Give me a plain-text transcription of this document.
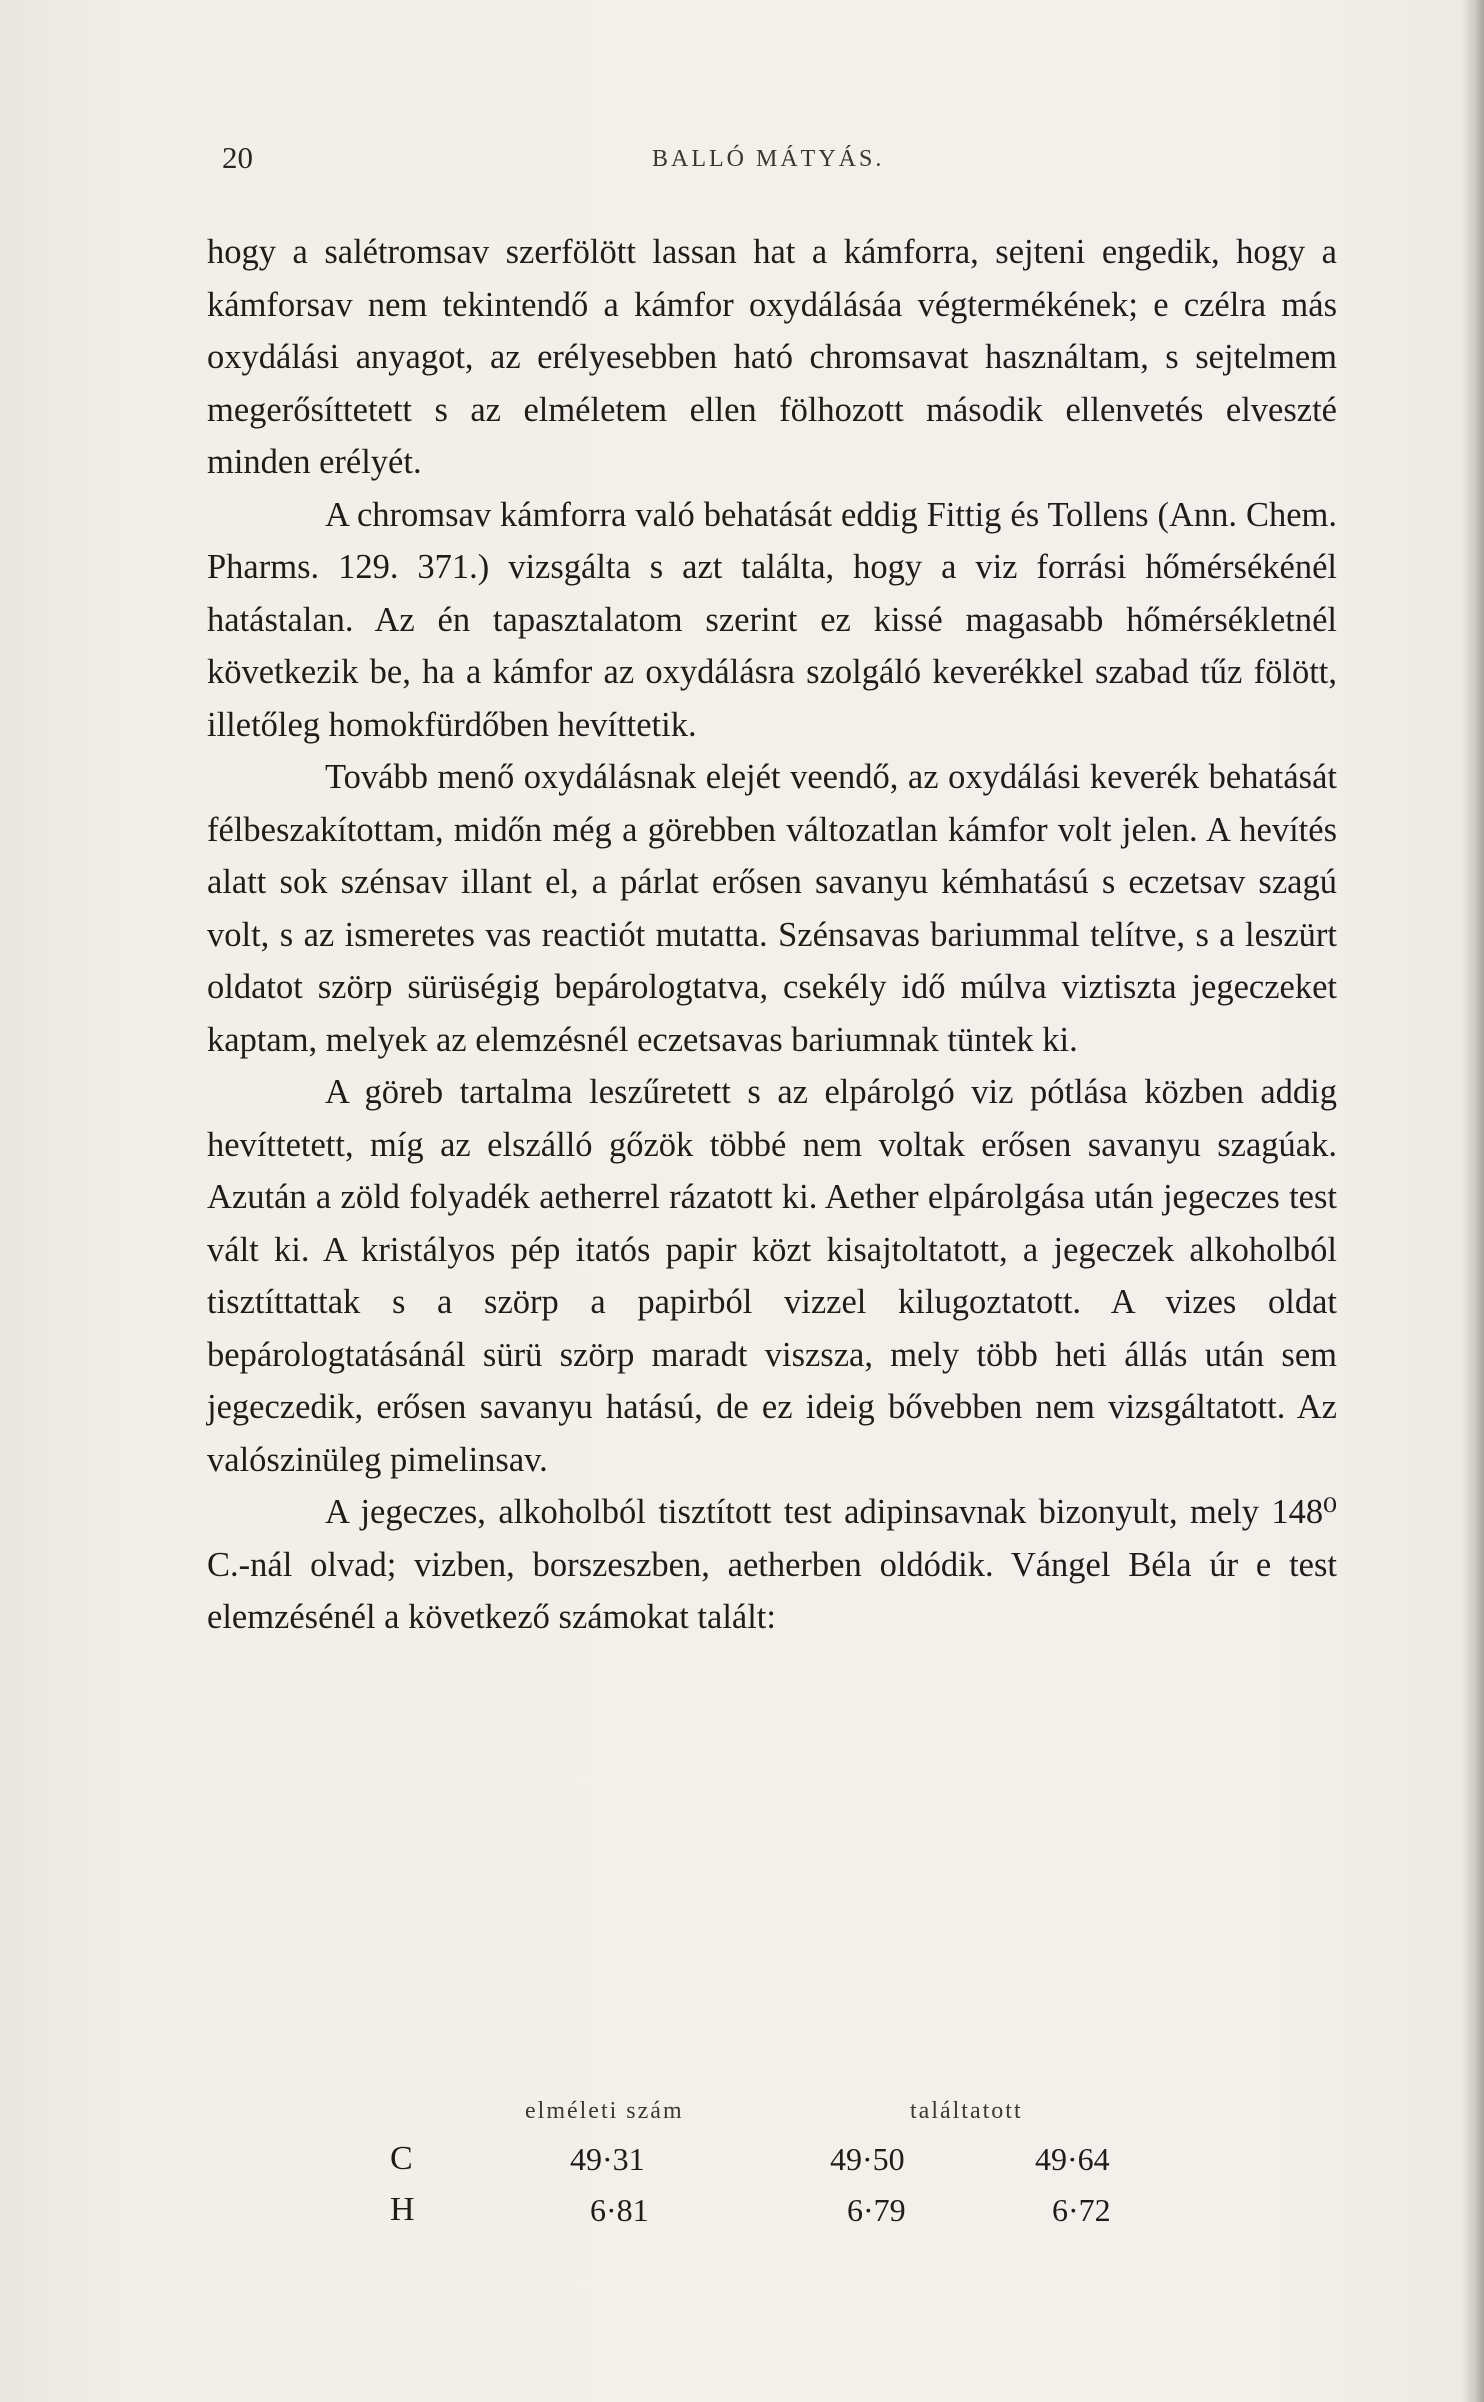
20	BALLÓ MÁTYÁS.

hogy a salétromsav szerfölött lassan hat a kámforra, sejteni engedik, hogy a kámforsav nem tekintendő a kámfor oxydálásáa végtermékének; e czélra más oxydálási anyagot, az erélyesebben ható chromsavat használtam, s sejtelmem megerősíttetett s az elméletem ellen fölhozott második ellenvetés elveszté minden erélyét.

A chromsav kámforra való behatását eddig Fittig és Tollens (Ann. Chem. Pharms. 129. 371.) vizsgálta s azt találta, hogy a viz forrási hőmérsékénél hatástalan. Az én tapasztalatom szerint ez kissé magasabb hőmérsékletnél következik be, ha a kámfor az oxydálásra szolgáló keverékkel szabad tűz fölött, illetőleg homokfürdőben hevíttetik.

Tovább menő oxydálásnak elejét veendő, az oxydálási keverék behatását félbeszakítottam, midőn még a görebben változatlan kámfor volt jelen. A hevítés alatt sok szénsav illant el, a párlat erősen savanyu kémhatású s eczetsav szagú volt, s az ismeretes vas reactiót mutatta. Szénsavas bariummal telítve, s a leszürt oldatot szörp sürüségig bepárologtatva, csekély idő múlva viztiszta jegeczeket kaptam, melyek az elemzésnél eczetsavas bariumnak tüntek ki.

A göreb tartalma leszűretett s az elpárolgó viz pótlása közben addig hevíttetett, míg az elszálló gőzök többé nem voltak erősen savanyu szagúak. Azután a zöld folyadék aetherrel rázatott ki. Aether elpárolgása után jegeczes test vált ki. A kristályos pép itatós papir közt kisajtoltatott, a jegeczek alkoholból tisztíttattak s a szörp a papirból vizzel kilugoztatott. A vizes oldat bepárologtatásánál sürü szörp maradt viszsza, mely több heti állás után sem jegeczedik, erősen savanyu hatású, de ez ideig bővebben nem vizsgáltatott. Az valószinüleg pimelinsav.

A jegeczes, alkoholból tisztított test adipinsavnak bizonyult, mely 148⁰ C.-nál olvad; vizben, borszeszben, aetherben oldódik. Vángel Béla úr e test elemzésénél a következő számokat talált:

elméleti szám	találtatott
C	49·31	49·50	49·64
H	6·81	6·79	6·72
